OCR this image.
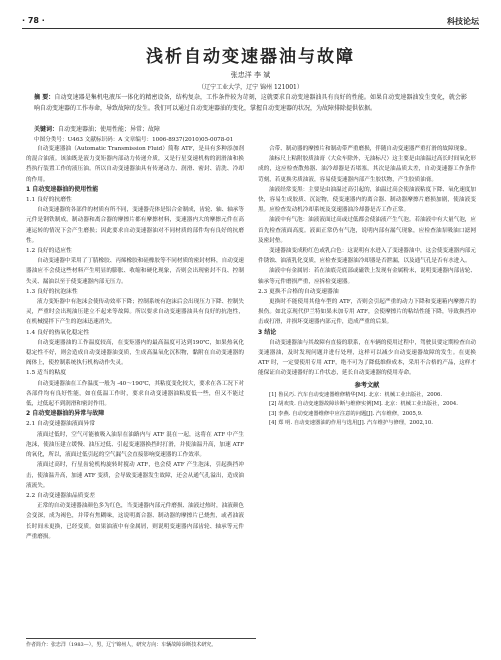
· 78 ·	科技论坛
浅析自动变速器油与故障
张忠洋 李 斌
（辽宁工业大学，辽宁 锦州 121001）
摘 要：自动变速器是集机电液压一体化的精密设备，结构复杂，工作条件较为苛刻，这就要求自动变速器油具有良好的性能。如果自动变速器油发生变化，就会影响自动变速器的工作寿命，导致故障的发生。我们可以通过自动变速器油的变化，掌握自动变速器的状况，为故障排除提供依据。
关键词：自动变速器油；使用性能；异常；故障
中图分类号：U463 文献标识码：A 文章编号：1006-8937(2010)05-0078-01

自动变速器油（Automatic Transmission Fluid）简称 ATF，是具有多种添加剂的混合油液。该油既是液力变矩器内部动力传递介质，又是行星变速机构的润滑油和换挡执行装置工作的液压油。所以自动变速器油具有传递动力、润滑、密封、清洗、冷却的作用。

1 自动变速器油的使用性能
1.1 良好的抗磨性

自动变速器的各部件的材质有所不同，变速器壳体是铝合金制成，齿轮、轴、轴承等元件是钢铁制成，制动器和离合器的摩擦片都有摩擦材料，变速器内大的摩擦元件在高速运转的情况下会产生磨损；因此要求自动变速器油对不同材质的部件均有良好的抗磨性。

1.2 良好的适应性

自动变速器中采用了丁腈橡胶、丙烯橡胶和硅橡胶等不同材质的密封材料，自动变速器油应不会使这些材料产生明显的膨胀、收缩和硬化现象，否则会出现密封不良、控制失灵、漏油以至于使变速器内部无压力。

1.3 良好的抗泡沫性

液力变矩器中有泡沫会使传动效率下降；控制系统有泡沫后会出现压力下降、控制失灵，严重时会出现油压建立不起来等故障。所以要求自动变速器油具有良好的抗泡性，在机械搅拌下产生的泡沫迅速消失。

1.4 良好的热氧化稳定性

自动变速器油的工作温度较高，在变矩器内的最高温度可达到190℃，如果热氧化稳定性不好，则会造成自动变速器油变质，生成高温氧化沉积物，黏附在自动变速器的阀体上，使控制系统执行机构动作失灵。

1.5 适当的粘度

自动变速器油在工作温度一般为 -40～190℃，其粘度变化较大，要求在各工况下对各部件均有良好性能，如在低温工作时，要求自动变速器油粘度低一些，但又不能过低，过低起不到润滑和密封作用。

2 自动变速器油的异常与故障
2.1 自动变速器油液面异常

液面过低时，空气可能被吸入油泵在油路内与 ATF 混在一起，这将在 ATF 中产生泡沫，使油压建立缓慢、油压过低、引起变速器换挡时打滑，并使油温升高，加速 ATF 的氧化，所以，液面过低引起的空气漏气会直接影响变速器的工作效率。

液面过高时，行星齿轮机构旋转时搅动 ATF，也会使 ATF 产生泡沫，引起换挡冲击，使油温升高，加速 ATF 变质，会导致变速器发生故障，还会从通气孔溢出，造成油液流失。

2.2 自动变速器油品质变差

正常的自动变速器油颜色多为红色，当变速器内部元件磨损、油液过热时，油液颜色会变深，成为褐色，并带有焦糊味，这说明离合器、制动器的摩擦片已烧焦，或者油液长时间未更换，已经变质。如果油液中有金属屑，则说明变速器内部齿轮、轴承等元件严重磨损。

合带、制动器的摩擦片和制动带严重磨损，伴随自动变速器严重打滑的故障现象。

油标尺上粘附胶质油膏（大众车除外，无油标尺）这主要是由油温过高长时间氧化形成的，这应检查散热器、油冷却器是否堵塞。其次是油品质太差，自动变速器工作条件苛刻，若更换劣质油液，容易使变速器内部产生胶状物，产生胶质油膏。

油液经常变黑：主要是由油温过高引起的，油温过高会使油液粘度下降、氧化速度加快，容易生成胶质、沉淀物，使变速器内的离合器、制动器摩擦片磨损加剧，使油液变黑。应检查发动机冷却系统及变速器油冷却器是否工作正常。

油液中有气泡：油液液面过高或过低都会使油液产生气泡。若油液中有大量气泡，应首先检查液面高度。液面正常仍有气泡，说明内部有漏气现象，应检查油泵吸油口滤网及密封垫。

变速器油变成粉红色或乳白色：这说明有水进入了变速器油中，这会使变速器内部元件锈蚀、油液乳化变质，应检查变速器油冷却器是否泄漏，以及通气孔是否有水进入。

油液中有金属屑：若在油底壳底部或磁铁上发现有金属粉末，说明变速器内部齿轮、轴承等元件磨损严重，应拆检变速器。

2.3 更换不合格的自动变速器油

更换时不能使用其他车型的 ATF，否则会引起严重的动力下降和变速箱内摩擦片的损伤。如北京现代伊兰特如果未加专用 ATF，会使摩擦片的粘结性能下降，导致换挡冲击或打滑，并损坏变速器内部元件，造成严重的后果。

3 结论

自动变速器油与其故障有直接的联系，在车辆的使用过程中，驾驶员要定期检查自动变速器油，及时发现问题并进行处理，这样可以减少自动变速器故障的发生。在更换 ATF 时，一定要使用专用 ATF，绝不可为了降低维修成本，采用不合格的产品，这样才能保证自动变速器好的工作状态，延长自动变速器的使用寿命。

参考文献

[1] 鲁民巧. 汽车自动变速器维修精华[M]. 北京：机械工业出版社，2006.

[2] 胡欢贵. 自动变速器故障诊断与维修实例[M]. 北京：机械工业出版社，2004.

[3] 李燕. 自动变速器维修中应注意的问题[J]. 汽车维修，2005,9.

[4] 郑 明. 自动变速器油的作用与选用[J]. 汽车维护与修理，2002,10.

作者简介：张忠洋（1983—），男，辽宁锦州人，研究方向：车辆故障诊断技术研究。
